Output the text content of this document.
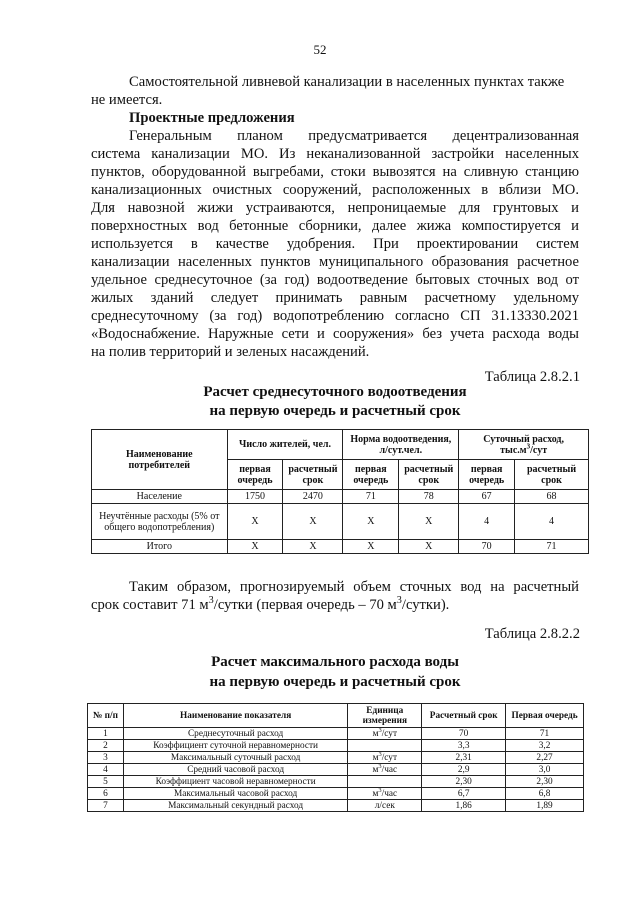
52
Самостоятельной ливневой канализации в населенных пунктах также
не имеется.
Проектные предложения
Генеральным планом предусматривается децентрализованная
система канализации МО. Из неканализованной застройки населенных
пунктов, оборудованной выгребами, стоки вывозятся на сливную станцию
канализационных очистных сооружений, расположенных в вблизи МО.
Для навозной жижи устраиваются, непроницаемые для грунтовых и
поверхностных вод бетонные сборники, далее жижа компостируется и
используется в качестве удобрения. При проектировании систем
канализации населенных пунктов муниципального образования расчетное
удельное среднесуточное (за год) водоотведение бытовых сточных вод от
жилых зданий следует принимать равным расчетному удельному
среднесуточному (за год) водопотреблению согласно СП 31.13330.2021
«Водоснабжение. Наружные сети и сооружения» без учета расхода воды
на полив территорий и зеленых насаждений.
Таблица 2.8.2.1
Расчет среднесуточного водоотведения
на первую очередь и расчетный срок
Наименование потребителей	Число жителей, чел.		Норма водоотведения, л/сут.чел.		Суточный расход,
$тыс.м^3$/сут	
	первая очередь	расчетный срок	первая очередь	расчетный срок	первая очередь	расчетный срок
Население	1750	2470	71	78	67	68
Неучтённые расходы (5% от общего водопотребления)	Х	Х	Х	Х	4	4
Итого	Х	Х	Х	Х	70	71
Таким образом, прогнозируемый объем сточных вод на расчетный
срок составит 71 $м^3$/сутки (первая очередь – 70 $м^3/сутки$).
Таблица 2.8.2.2
Расчет максимального расхода воды
на первую очередь и расчетный срок
№ п/п	Наименование показателя	Единица измерения	Расчетный срок	Первая очередь
1	Среднесуточный расход	$м^3$/сут	70	71
2	Коэффициент суточной неравномерности		3,3	3,2
3	Максимальный суточный расход	$м^3$/сут	2,31	2,27
4	Средний часовой расход	$м^3$/час	2,9	3,0
5	Коэффициент часовой неравномерности		2,30	2,30
6	Максимальный часовой расход	$м^3$/час	6,7	6,8
7	Максимальный секундный расход	л/сек	1,86	1,89
